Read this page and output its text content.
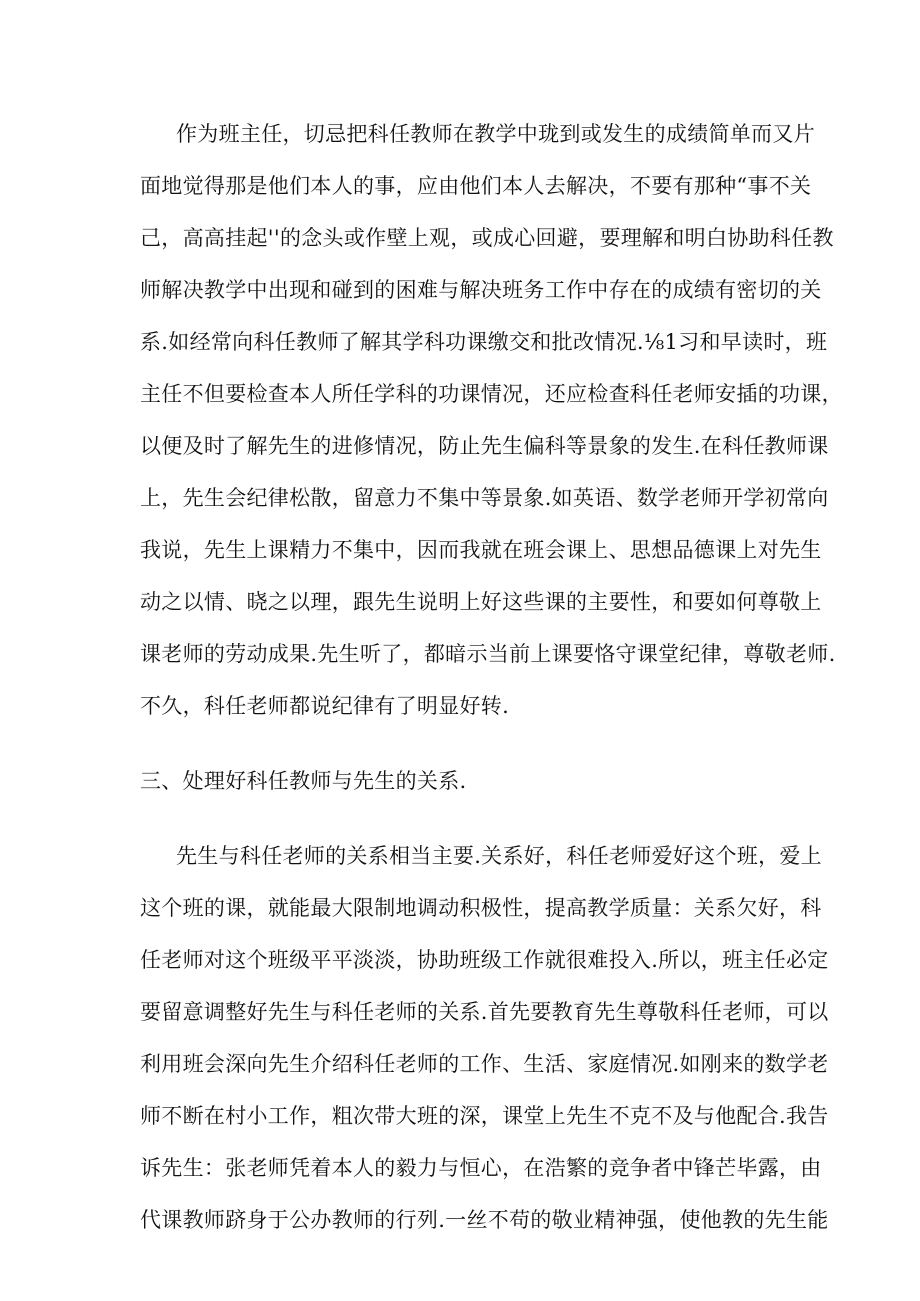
作为班主任，切忌把科任教师在教学中珑到或发生的成绩简单而又片
面地觉得那是他们本人的事，应由他们本人去解决，不要有那种“事不关
己，高高挂起''的念头或作壁上观，或成心回避，要理解和明白协助科任教
师解决教学中出现和碰到的困难与解决班务工作中存在的成绩有密切的关
系.如经常向科任教师了解其学科功课缴交和批改情况.⅛1习和早读时，班
主任不但要检查本人所任学科的功课情况，还应检查科任老师安插的功课，
以便及时了解先生的进修情况，防止先生偏科等景象的发生.在科任教师课
上，先生会纪律松散，留意力不集中等景象.如英语、数学老师开学初常向
我说，先生上课精力不集中，因而我就在班会课上、思想品德课上对先生
动之以情、晓之以理，跟先生说明上好这些课的主要性，和要如何尊敬上
课老师的劳动成果.先生听了，都暗示当前上课要恪守课堂纪律，尊敬老师.
不久，科任老师都说纪律有了明显好转.
三、处理好科任教师与先生的关系.
先生与科任老师的关系相当主要.关系好，科任老师爱好这个班，爱上
这个班的课，就能最大限制地调动积极性，提高教学质量：关系欠好，科
任老师对这个班级平平淡淡，协助班级工作就很难投入.所以，班主任必定
要留意调整好先生与科任老师的关系.首先要教育先生尊敬科任老师，可以
利用班会深向先生介绍科任老师的工作、生活、家庭情况.如刚来的数学老
师不断在村小工作，粗次带大班的深，课堂上先生不克不及与他配合.我告
诉先生：张老师凭着本人的毅力与恒心，在浩繁的竞争者中锋芒毕露，由
代课教师跻身于公办教师的行列.一丝不苟的敬业精神强，使他教的先生能
